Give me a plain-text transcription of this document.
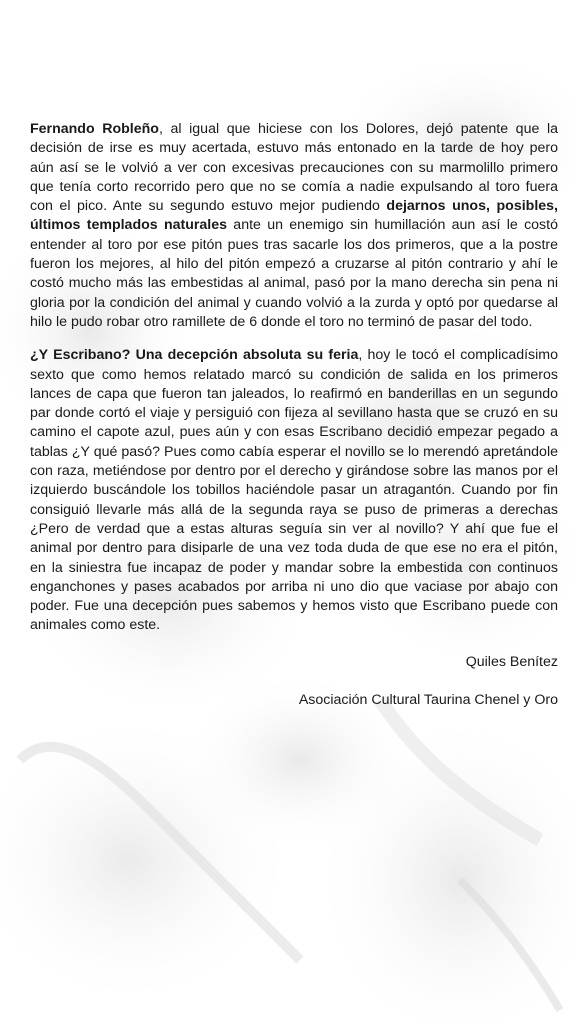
Fernando Robleño, al igual que hiciese con los Dolores, dejó patente que la decisión de irse es muy acertada, estuvo más entonado en la tarde de hoy pero aún así se le volvió a ver con excesivas precauciones con su marmolillo primero que tenía corto recorrido pero que no se comía a nadie expulsando al toro fuera con el pico. Ante su segundo estuvo mejor pudiendo dejarnos unos, posibles, últimos templados naturales ante un enemigo sin humillación aun así le costó entender al toro por ese pitón pues tras sacarle los dos primeros, que a la postre fueron los mejores, al hilo del pitón empezó a cruzarse al pitón contrario y ahí le costó mucho más las embestidas al animal, pasó por la mano derecha sin pena ni gloria por la condición del animal y cuando volvió a la zurda y optó por quedarse al hilo le pudo robar otro ramillete de 6 donde el toro no terminó de pasar del todo.

¿Y Escribano? Una decepción absoluta su feria, hoy le tocó el complicadísimo sexto que como hemos relatado marcó su condición de salida en los primeros lances de capa que fueron tan jaleados, lo reafirmó en banderillas en un segundo par donde cortó el viaje y persiguió con fijeza al sevillano hasta que se cruzó en su camino el capote azul, pues aún y con esas Escribano decidió empezar pegado a tablas ¿Y qué pasó? Pues como cabía esperar el novillo se lo merendó apretándole con raza, metiéndose por dentro por el derecho y girándose sobre las manos por el izquierdo buscándole los tobillos haciéndole pasar un atragantón. Cuando por fin consiguió llevarle más allá de la segunda raya se puso de primeras a derechas ¿Pero de verdad que a estas alturas seguía sin ver al novillo? Y ahí que fue el animal por dentro para disiparle de una vez toda duda de que ese no era el pitón, en la siniestra fue incapaz de poder y mandar sobre la embestida con continuos enganchones y pases acabados por arriba ni uno dio que vaciase por abajo con poder. Fue una decepción pues sabemos y hemos visto que Escribano puede con animales como este.

Quiles Benítez
Asociación Cultural Taurina Chenel y Oro
